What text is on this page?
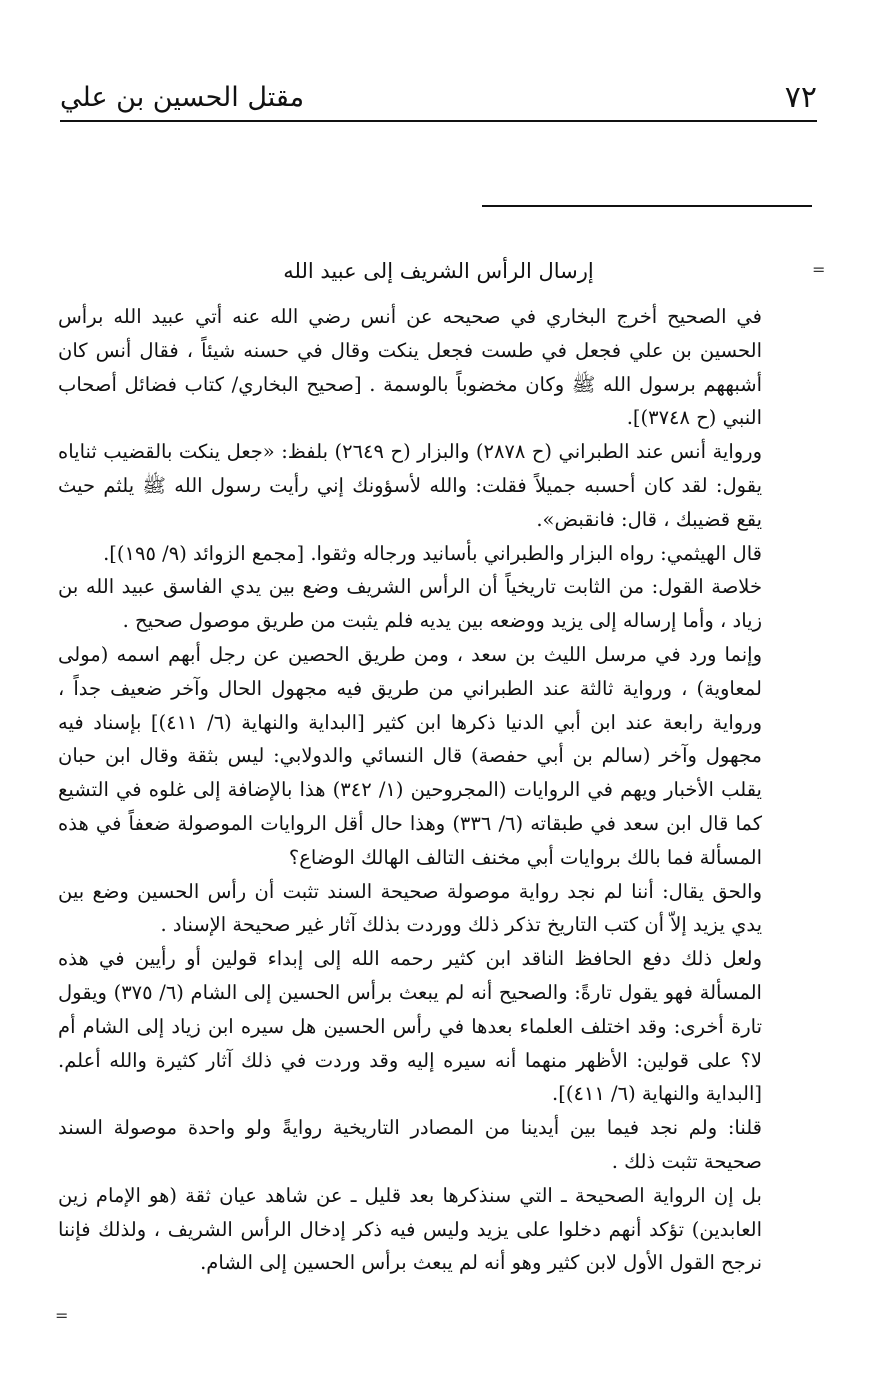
٧٢
مقتل الحسين بن علي
=
=
إرسال الرأس الشريف إلى عبيد الله

في الصحيح أخرج البخاري في صحيحه عن أنس رضي الله عنه أتي عبيد الله برأس الحسين بن علي فجعل في طست فجعل ينكت وقال في حسنه شيئاً ، فقال أنس كان أشبههم برسول الله ﷺ وكان مخضوباً بالوسمة . [صحيح البخاري/ كتاب فضائل أصحاب النبي (ح ٣٧٤٨)].

ورواية أنس عند الطبراني (ح ٢٨٧٨) والبزار (ح ٢٦٤٩) بلفظ: «جعل ينكت بالقضيب ثناياه يقول: لقد كان أحسبه جميلاً فقلت: والله لأسؤونك إني رأيت رسول الله ﷺ يلثم حيث يقع قضيبك ، قال: فانقبض».

قال الهيثمي: رواه البزار والطبراني بأسانيد ورجاله وثقوا. [مجمع الزوائد (٩/ ١٩٥)].

خلاصة القول: من الثابت تاريخياً أن الرأس الشريف وضع بين يدي الفاسق عبيد الله بن زياد ، وأما إرساله إلى يزيد ووضعه بين يديه فلم يثبت من طريق موصول صحيح .

وإنما ورد في مرسل الليث بن سعد ، ومن طريق الحصين عن رجل أبهم اسمه (مولى لمعاوية) ، ورواية ثالثة عند الطبراني من طريق فيه مجهول الحال وآخر ضعيف جداً ، ورواية رابعة عند ابن أبي الدنيا ذكرها ابن كثير [البداية والنهاية (٦/ ٤١١)] بإسناد فيه مجهول وآخر (سالم بن أبي حفصة) قال النسائي والدولابي: ليس بثقة وقال ابن حبان يقلب الأخبار ويهم في الروايات (المجروحين (١/ ٣٤٢) هذا بالإضافة إلى غلوه في التشيع كما قال ابن سعد في طبقاته (٦/ ٣٣٦) وهذا حال أقل الروايات الموصولة ضعفاً في هذه المسألة فما بالك بروايات أبي مخنف التالف الهالك الوضاع؟

والحق يقال: أننا لم نجد رواية موصولة صحيحة السند تثبت أن رأس الحسين وضع بين يدي يزيد إلاّ أن كتب التاريخ تذكر ذلك ووردت بذلك آثار غير صحيحة الإسناد .

ولعل ذلك دفع الحافظ الناقد ابن كثير رحمه الله إلى إبداء قولين أو رأيين في هذه المسألة فهو يقول تارةً: والصحيح أنه لم يبعث برأس الحسين إلى الشام (٦/ ٣٧٥) ويقول تارة أخرى: وقد اختلف العلماء بعدها في رأس الحسين هل سيره ابن زياد إلى الشام أم لا؟ على قولين: الأظهر منهما أنه سيره إليه وقد وردت في ذلك آثار كثيرة والله أعلم. [البداية والنهاية (٦/ ٤١١)].

قلنا: ولم نجد فيما بين أيدينا من المصادر التاريخية روايةً ولو واحدة موصولة السند صحيحة تثبت ذلك .

بل إن الرواية الصحيحة ـ التي سنذكرها بعد قليل ـ عن شاهد عيان ثقة (هو الإمام زين العابدين) تؤكد أنهم دخلوا على يزيد وليس فيه ذكر إدخال الرأس الشريف ، ولذلك فإننا نرجح القول الأول لابن كثير وهو أنه لم يبعث برأس الحسين إلى الشام.
